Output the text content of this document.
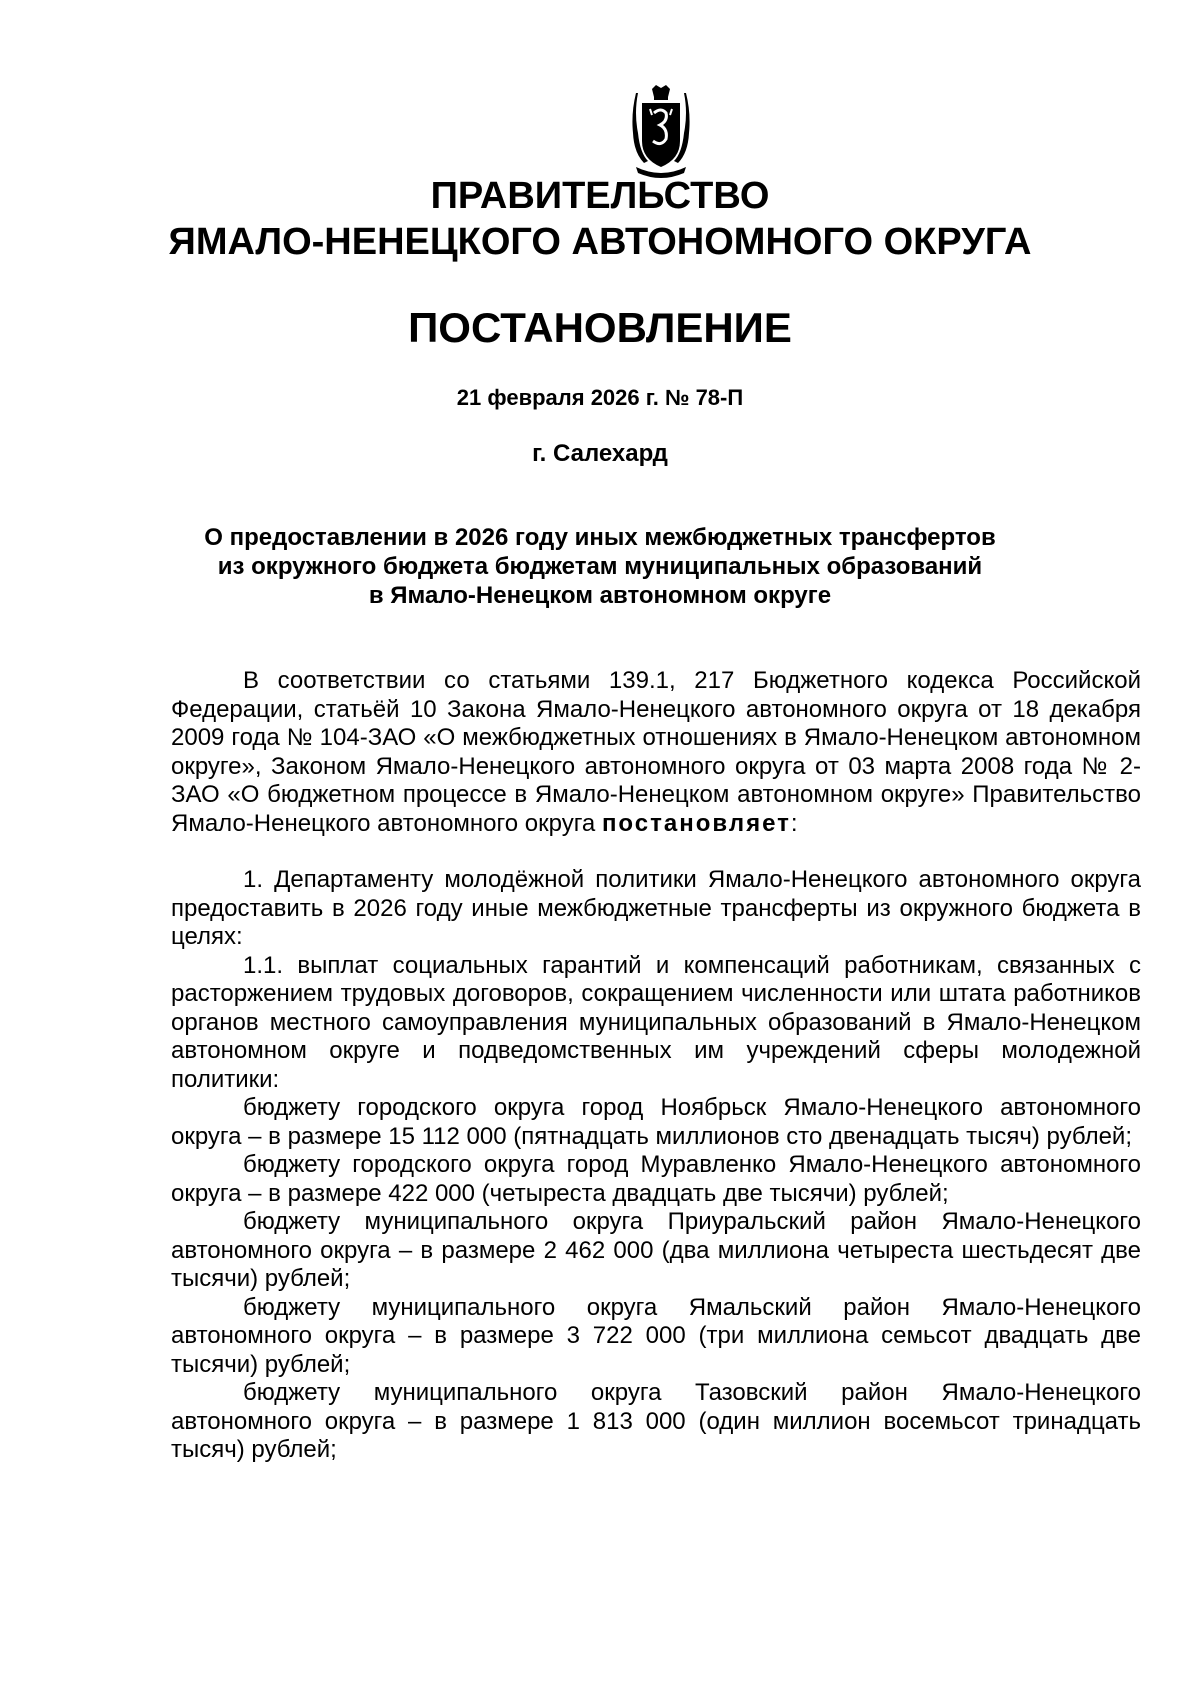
ПРАВИТЕЛЬСТВО
ЯМАЛО-НЕНЕЦКОГО АВТОНОМНОГО ОКРУГА
ПОСТАНОВЛЕНИЕ
21 февраля 2026 г. № 78-П
г. Салехард
О предоставлении в 2026 году иных межбюджетных трансфертов
из окружного бюджета бюджетам муниципальных образований
в Ямало-Ненецком автономном округе

В соответствии со статьями 139.1, 217 Бюджетного кодекса Российской Федерации, статьёй 10 Закона Ямало-Ненецкого автономного округа от 18 декабря 2009 года № 104-ЗАО «О межбюджетных отношениях в Ямало-Ненецком автономном округе», Законом Ямало-Ненецкого автономного округа от 03 марта 2008 года № 2-ЗАО «О бюджетном процессе в Ямало-Ненецком автономном округе» Правительство Ямало-Ненецкого автономного округа постановляет:

1. Департаменту молодёжной политики Ямало-Ненецкого автономного округа предоставить в 2026 году иные межбюджетные трансферты из окружного бюджета в целях:

1.1. выплат социальных гарантий и компенсаций работникам, связанных с расторжением трудовых договоров, сокращением численности или штата работников органов местного самоуправления муниципальных образований в Ямало-Ненецком автономном округе и подведомственных им учреждений сферы молодежной политики:

бюджету городского округа город Ноябрьск Ямало-Ненецкого автономного округа – в размере 15 112 000 (пятнадцать миллионов сто двенадцать тысяч) рублей;

бюджету городского округа город Муравленко Ямало-Ненецкого автономного округа – в размере 422 000 (четыреста двадцать две тысячи) рублей;

бюджету муниципального округа Приуральский район Ямало-Ненецкого автономного округа – в размере 2 462 000 (два миллиона четыреста шестьдесят две тысячи) рублей;

бюджету муниципального округа Ямальский район Ямало-Ненецкого автономного округа – в размере 3 722 000 (три миллиона семьсот двадцать две тысячи) рублей;

бюджету муниципального округа Тазовский район Ямало-Ненецкого автономного округа – в размере 1 813 000 (один миллион восемьсот тринадцать тысяч) рублей;
